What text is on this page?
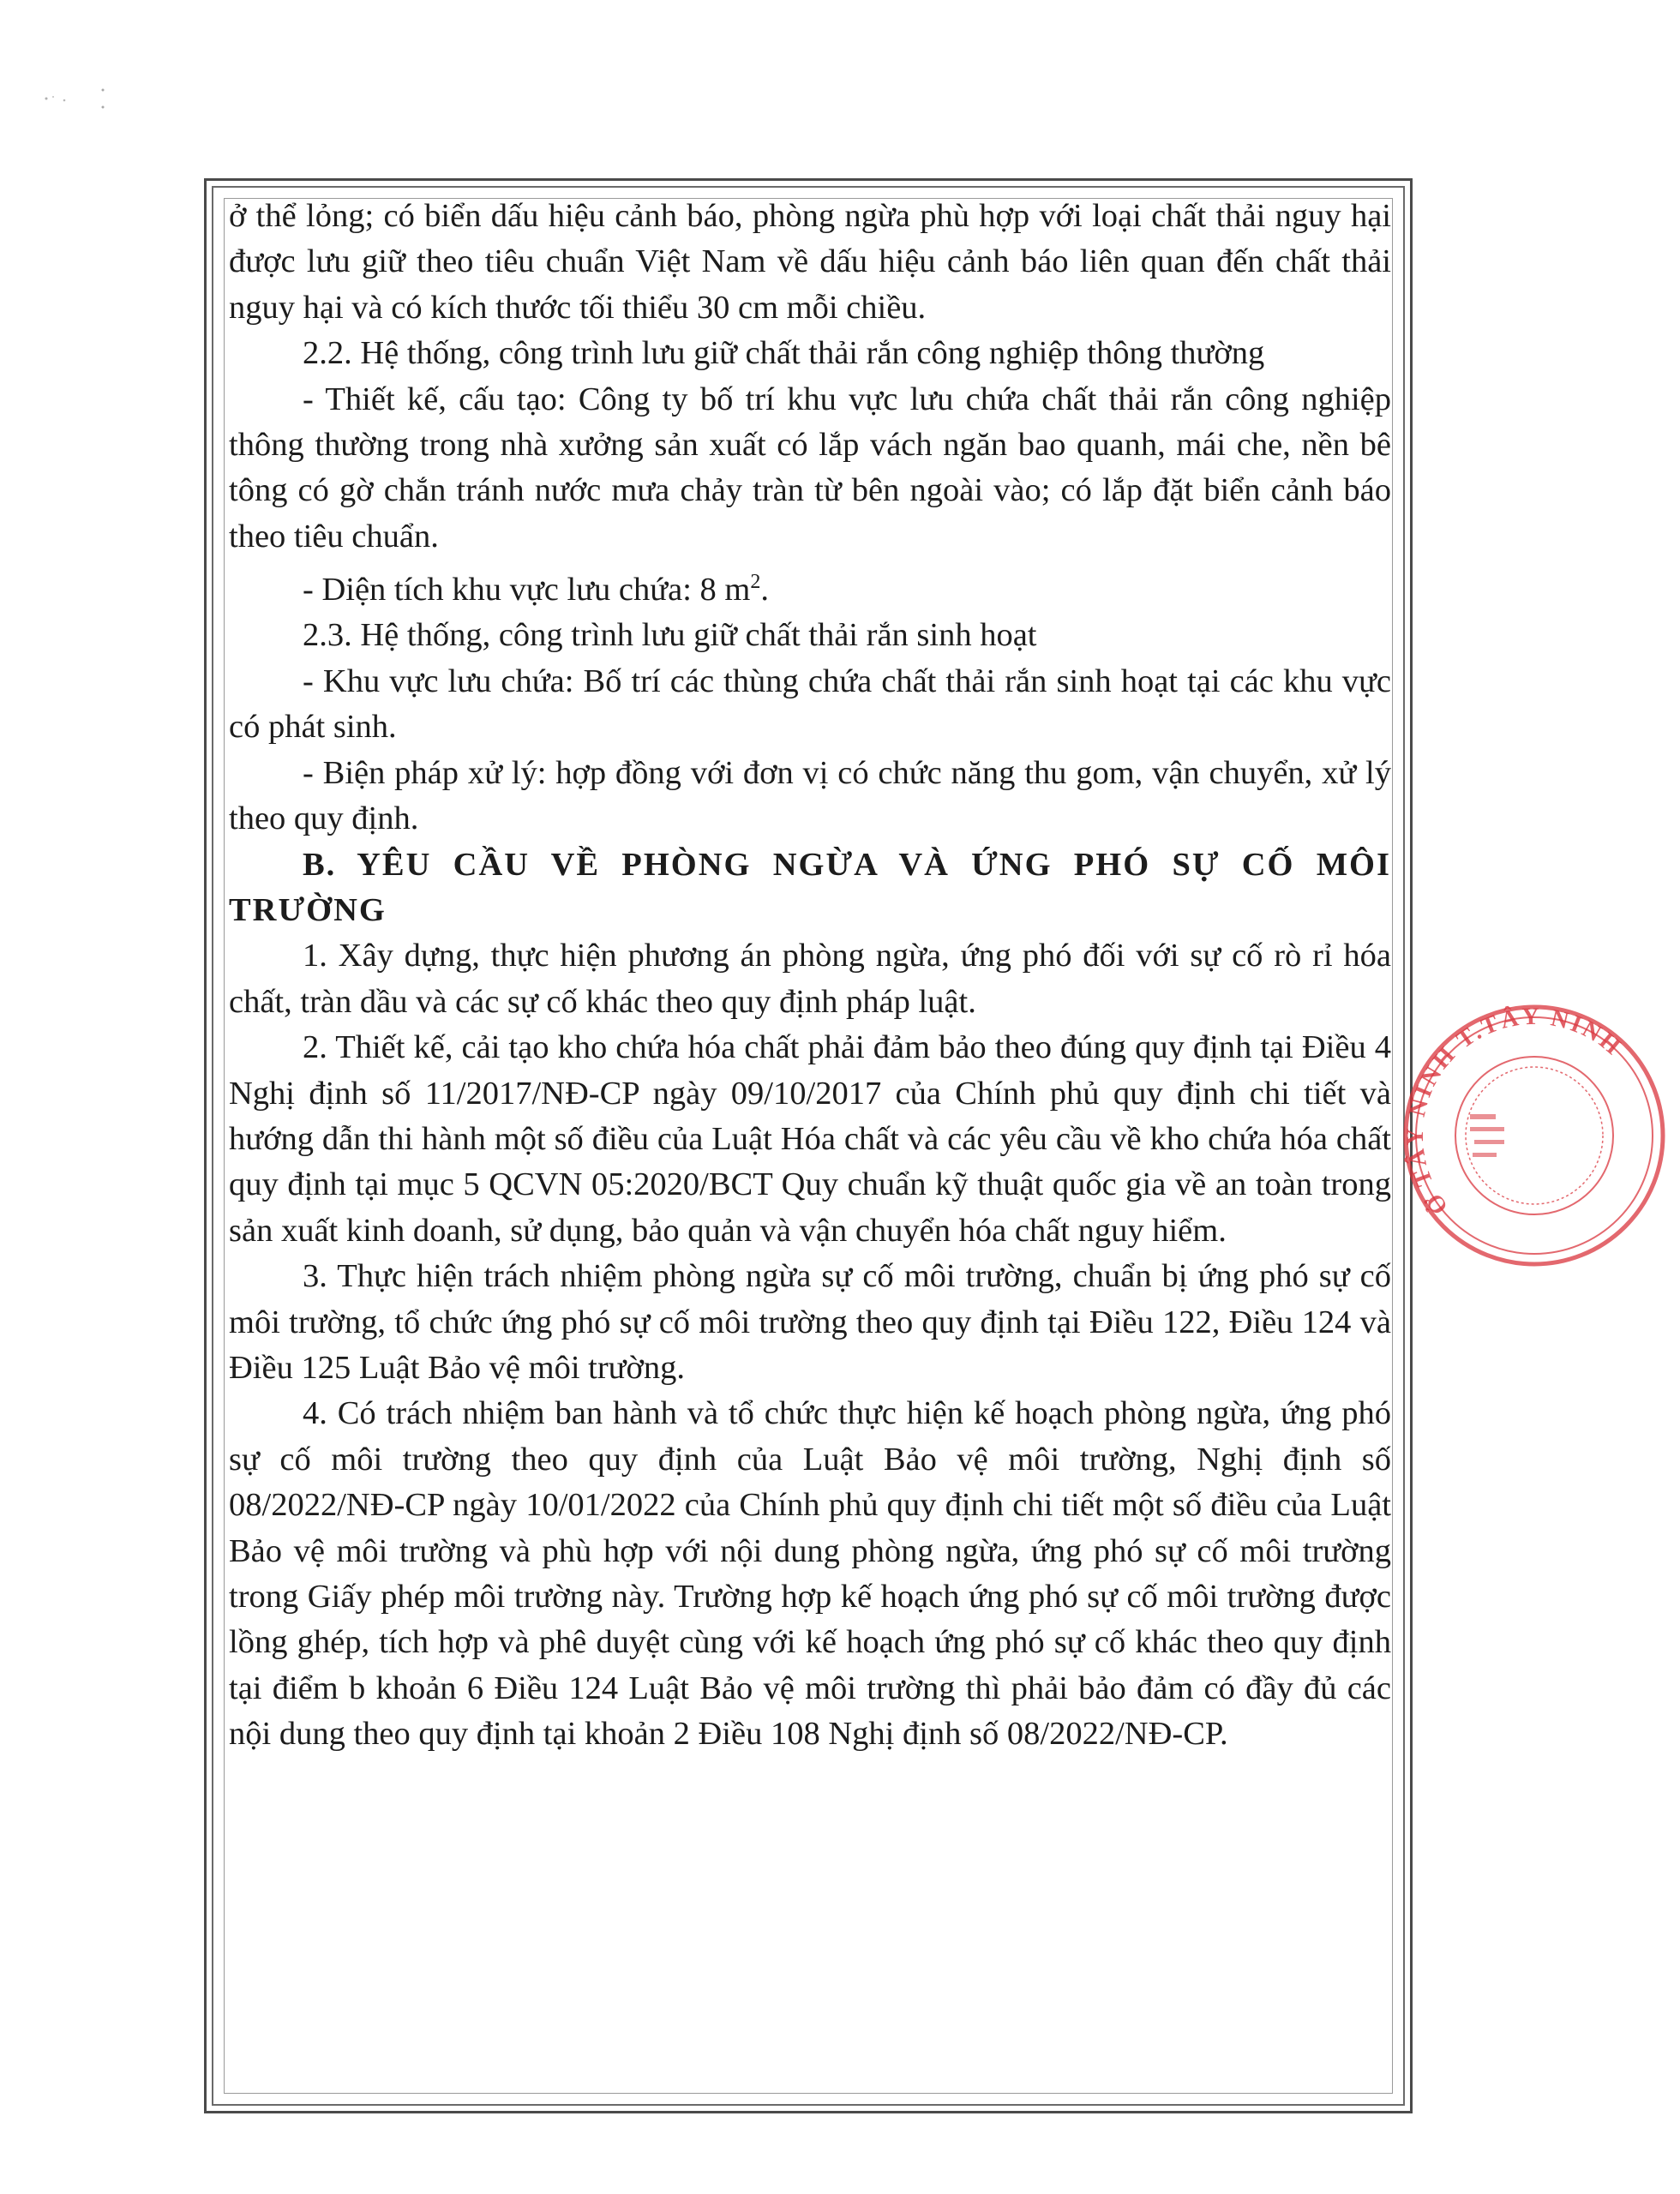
ở thể lỏng; có biển dấu hiệu cảnh báo, phòng ngừa phù hợp với loại chất thải nguy hại được lưu giữ theo tiêu chuẩn Việt Nam về dấu hiệu cảnh báo liên quan đến chất thải nguy hại và có kích thước tối thiểu 30 cm mỗi chiều.

2.2. Hệ thống, công trình lưu giữ chất thải rắn công nghiệp thông thường

- Thiết kế, cấu tạo: Công ty bố trí khu vực lưu chứa chất thải rắn công nghiệp thông thường trong nhà xưởng sản xuất có lắp vách ngăn bao quanh, mái che, nền bê tông có gờ chắn tránh nước mưa chảy tràn từ bên ngoài vào; có lắp đặt biển cảnh báo theo tiêu chuẩn.

- Diện tích khu vực lưu chứa: 8 $m^2$.

2.3. Hệ thống, công trình lưu giữ chất thải rắn sinh hoạt

- Khu vực lưu chứa: Bố trí các thùng chứa chất thải rắn sinh hoạt tại các khu vực có phát sinh.

- Biện pháp xử lý: hợp đồng với đơn vị có chức năng thu gom, vận chuyển, xử lý theo quy định.

B. YÊU CẦU VỀ PHÒNG NGỪA VÀ ỨNG PHÓ SỰ CỐ MÔI TRƯỜNG

1. Xây dựng, thực hiện phương án phòng ngừa, ứng phó đối với sự cố rò rỉ hóa chất, tràn dầu và các sự cố khác theo quy định pháp luật.

2. Thiết kế, cải tạo kho chứa hóa chất phải đảm bảo theo đúng quy định tại Điều 4 Nghị định số 11/2017/NĐ-CP ngày 09/10/2017 của Chính phủ quy định chi tiết và hướng dẫn thi hành một số điều của Luật Hóa chất và các yêu cầu về kho chứa hóa chất quy định tại mục 5 QCVN 05:2020/BCT Quy chuẩn kỹ thuật quốc gia về an toàn trong sản xuất kinh doanh, sử dụng, bảo quản và vận chuyển hóa chất nguy hiểm.

3. Thực hiện trách nhiệm phòng ngừa sự cố môi trường, chuẩn bị ứng phó sự cố môi trường, tổ chức ứng phó sự cố môi trường theo quy định tại Điều 122, Điều 124 và Điều 125 Luật Bảo vệ môi trường.

4. Có trách nhiệm ban hành và tổ chức thực hiện kế hoạch phòng ngừa, ứng phó sự cố môi trường theo quy định của Luật Bảo vệ môi trường, Nghị định số 08/2022/NĐ-CP ngày 10/01/2022 của Chính phủ quy định chi tiết một số điều của Luật Bảo vệ môi trường và phù hợp với nội dung phòng ngừa, ứng phó sự cố môi trường trong Giấy phép môi trường này. Trường hợp kế hoạch ứng phó sự cố môi trường được lồng ghép, tích hợp và phê duyệt cùng với kế hoạch ứng phó sự cố khác theo quy định tại điểm b khoản 6 Điều 124 Luật Bảo vệ môi trường thì phải bảo đảm có đầy đủ các nội dung theo quy định tại khoản 2 Điều 108 Nghị định số 08/2022/NĐ-CP.

Ở TÂY NINH T.TÂY NINH
